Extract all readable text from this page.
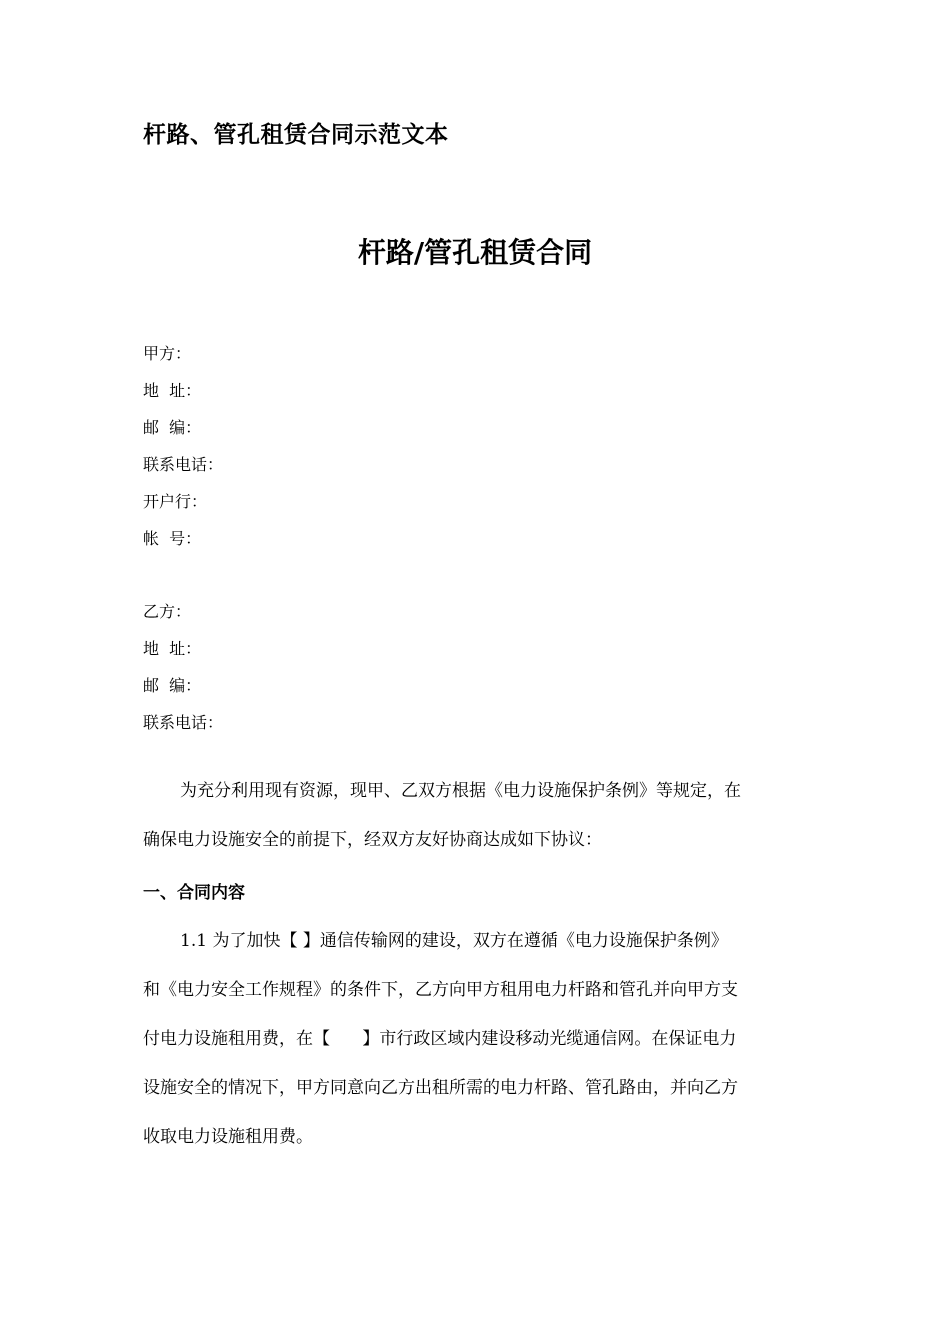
杆路、管孔租赁合同示范文本
杆路/管孔租赁合同
甲方：
地  址：
邮  编：
联系电话：
开户行：
帐  号：
乙方：
地  址：
邮  编：
联系电话：
为充分利用现有资源，现甲、乙双方根据《电力设施保护条例》等规定，在
确保电力设施安全的前提下，经双方友好协商达成如下协议：
一、合同内容
1.1 为了加快【 】通信传输网的建设，双方在遵循《电力设施保护条例》
和《电力安全工作规程》的条件下，乙方向甲方租用电力杆路和管孔并向甲方支
付电力设施租用费，在【      】市行政区域内建设移动光缆通信网。在保证电力
设施安全的情况下，甲方同意向乙方出租所需的电力杆路、管孔路由，并向乙方
收取电力设施租用费。
